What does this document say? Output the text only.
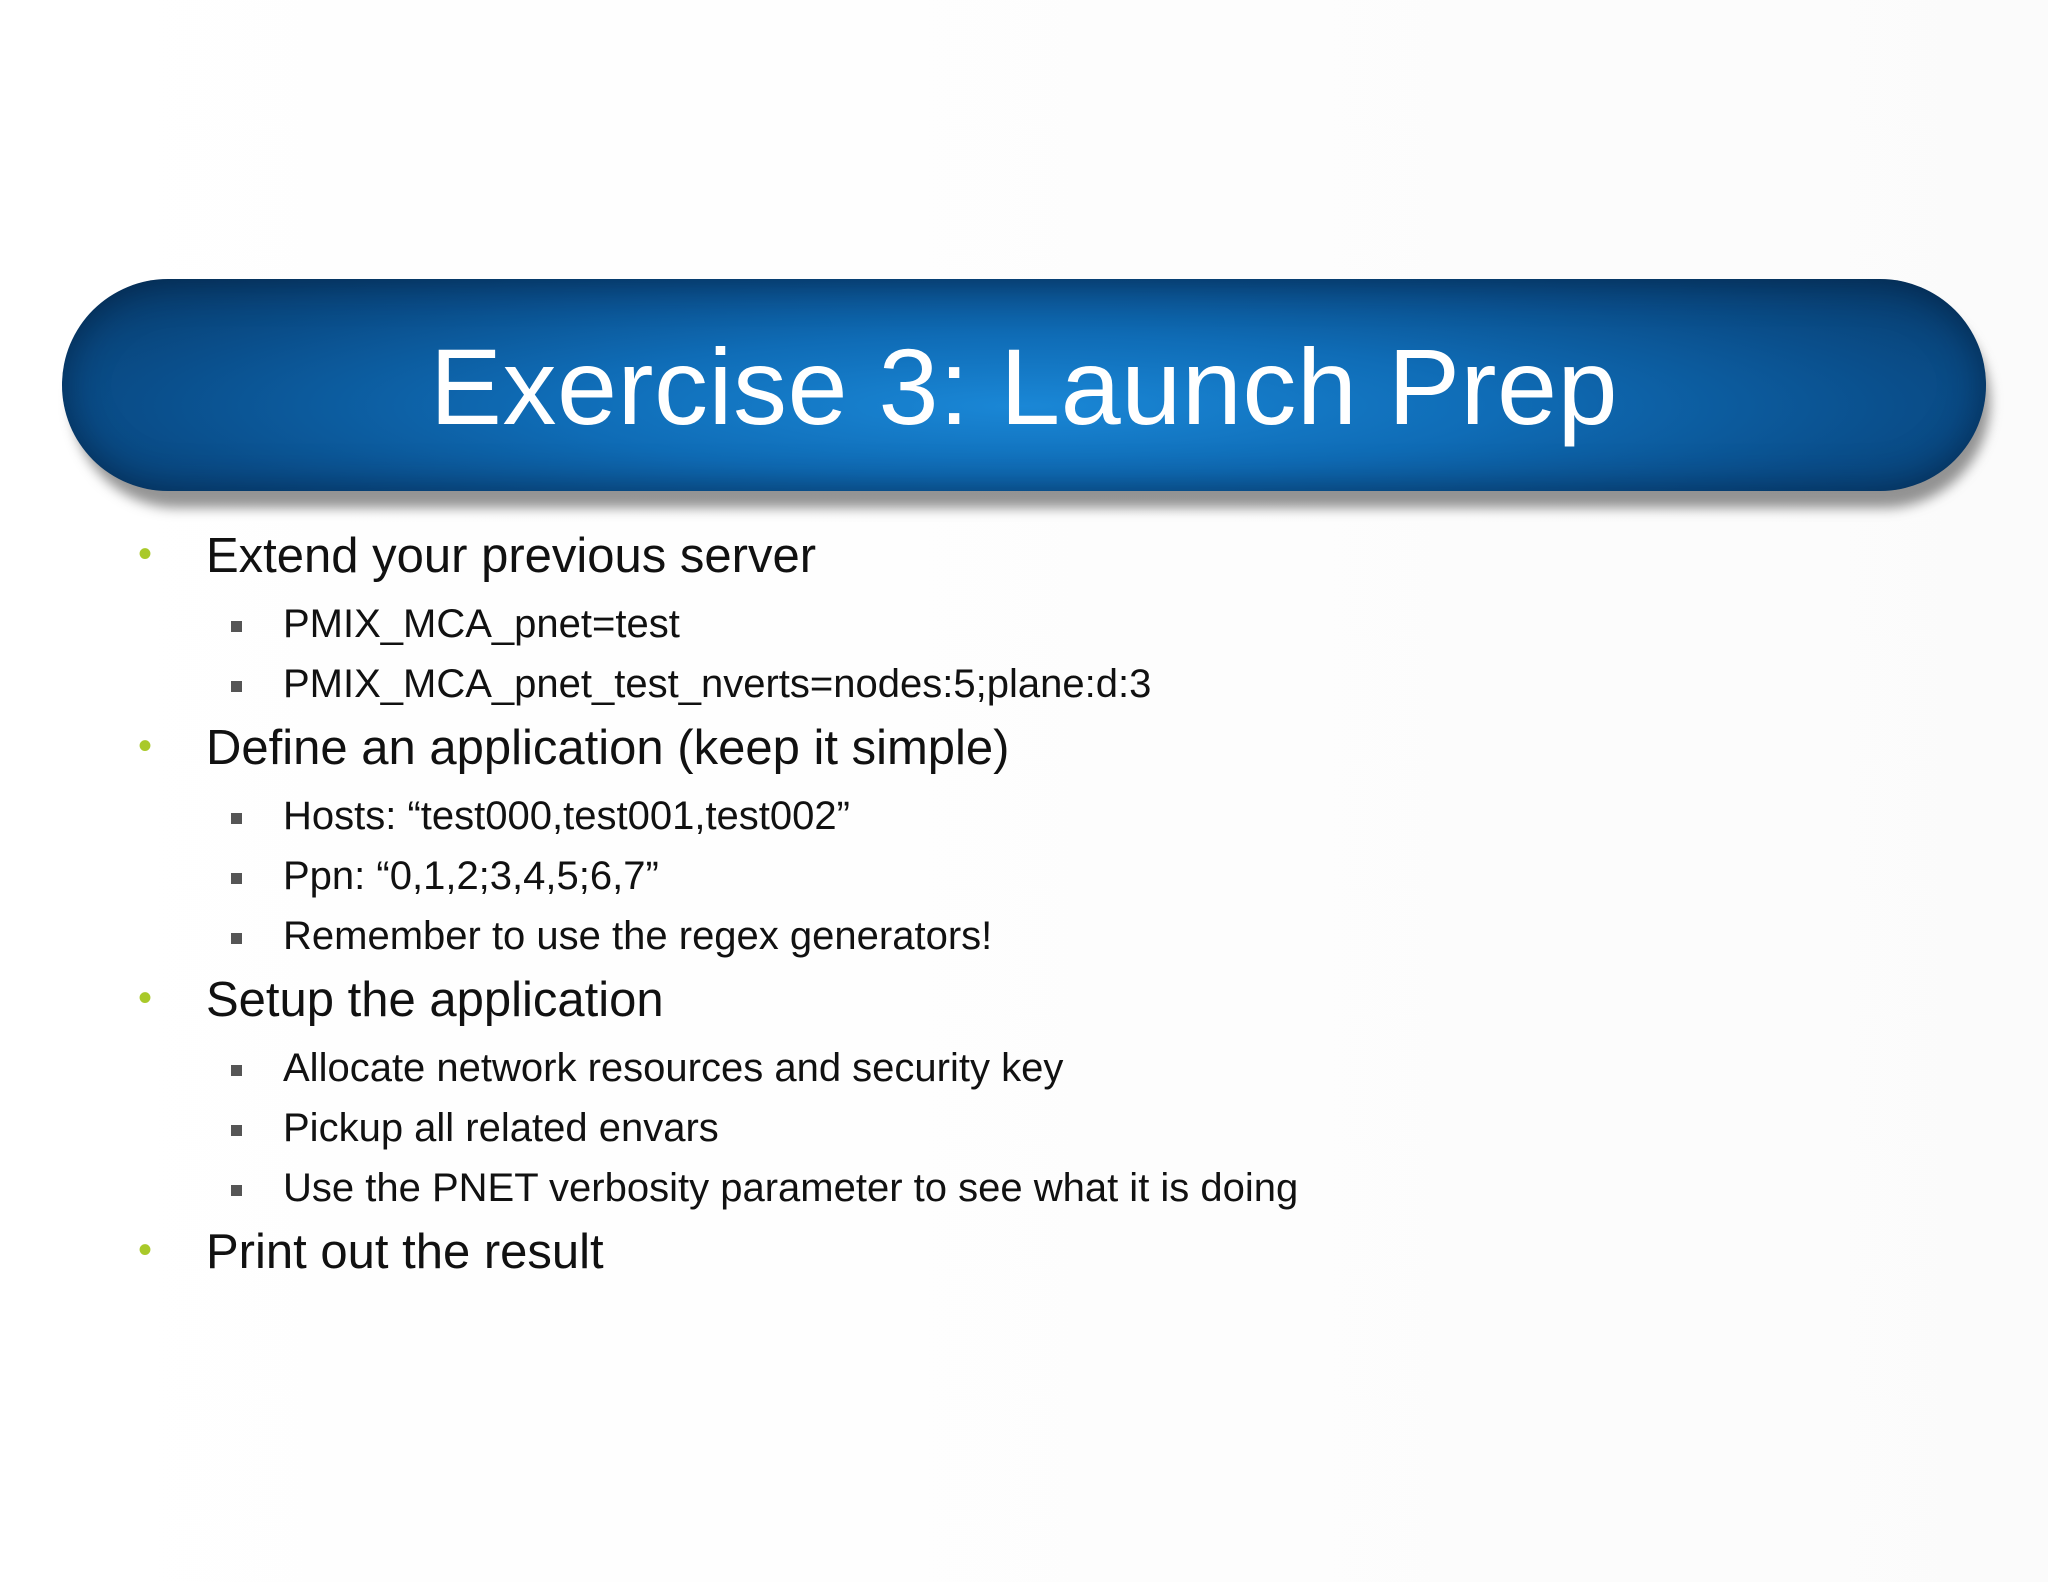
Exercise 3: Launch Prep
• Extend your previous server
PMIX_MCA_pnet=test
PMIX_MCA_pnet_test_nverts=nodes:5;plane:d:3
• Define an application (keep it simple)
Hosts: “test000,test001,test002”
Ppn: “0,1,2;3,4,5;6,7”
Remember to use the regex generators!
• Setup the application
Allocate network resources and security key
Pickup all related envars
Use the PNET verbosity parameter to see what it is doing
• Print out the result
